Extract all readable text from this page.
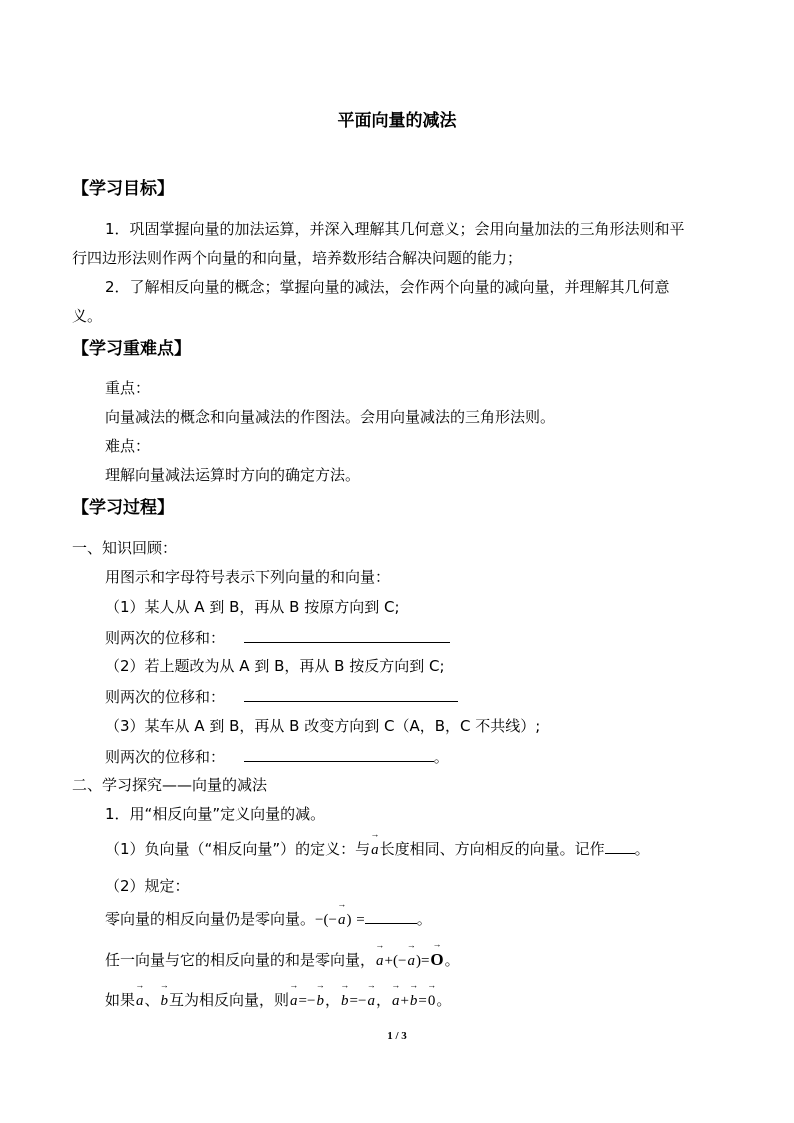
平面向量的减法
【学习目标】
1．巩固掌握向量的加法运算，并深入理解其几何意义；会用向量加法的三角形法则和平
行四边形法则作两个向量的和向量，培养数形结合解决问题的能力；
2．了解相反向量的概念；掌握向量的减法，会作两个向量的减向量，并理解其几何意
义。
【学习重难点】
重点：
向量减法的概念和向量减法的作图法。会用向量减法的三角形法则。
难点：
理解向量减法运算时方向的确定方法。
【学习过程】
一、知识回顾：
用图示和字母符号表示下列向量的和向量：
（1）某人从 A 到 B，再从 B 按原方向到 C;
则两次的位移和：
（2）若上题改为从 A 到 B，再从 B 按反方向到 C;
则两次的位移和：
（3）某车从 A 到 B，再从 B 改变方向到 C（A，B，C 不共线）;
则两次的位移和：	。
二、学习探究——向量的减法
1．用“相反向量”定义向量的减。
（1）负向量（“相反向量”）的定义：与→ a长度相同、方向相反的向量。记作 。
（2）规定：
零向量的相反向量仍是零向量。−(−→ a) =	。
任一向量与它的相反向量的和是零向量，→ a+(−→ a)=→ O。
如果→ a、→ b互为相反向量，则→ a=−→ b，→ b=−→ a，→ a+→ b=→ 0。
1 / 3
